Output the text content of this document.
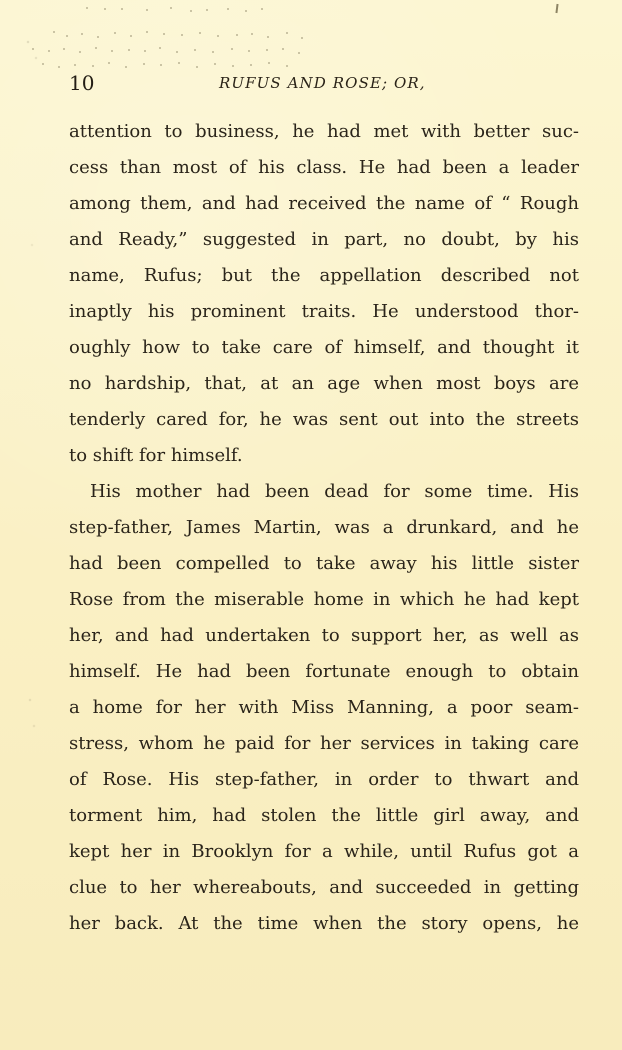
10	RUFUS AND ROSE; OR,
attention to business, he had met with better suc-
cess than most of his class. He had been a leader
among them, and had received the name of “ Rough
and Ready,” suggested in part, no doubt, by his
name, Rufus; but the appellation described not
inaptly his prominent traits. He understood thor-
oughly how to take care of himself, and thought it
no hardship, that, at an age when most boys are
tenderly cared for, he was sent out into the streets
to shift for himself.
His mother had been dead for some time. His
step-father, James Martin, was a drunkard, and he
had been compelled to take away his little sister
Rose from the miserable home in which he had kept
her, and had undertaken to support her, as well as
himself. He had been fortunate enough to obtain
a home for her with Miss Manning, a poor seam-
stress, whom he paid for her services in taking care
of Rose. His step-father, in order to thwart and
torment him, had stolen the little girl away, and
kept her in Brooklyn for a while, until Rufus got a
clue to her whereabouts, and succeeded in getting
her back. At the time when the story opens, he
